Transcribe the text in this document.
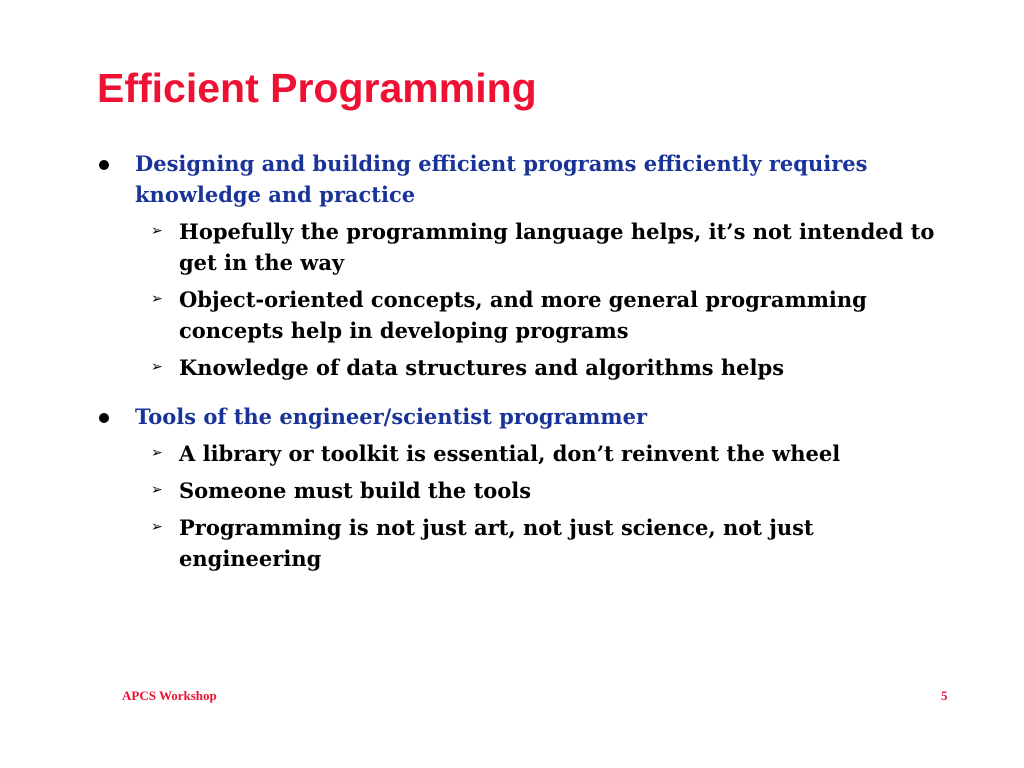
Efficient Programming
Designing and building efficient programs efficiently requires knowledge and practice
➢ Hopefully the programming language helps, it’s not intended to get in the way
➢ Object-oriented concepts, and more general programming concepts help in developing programs
➢ Knowledge of data structures and algorithms helps
Tools of the engineer/scientist programmer
➢ A library or toolkit is essential, don’t reinvent the wheel
➢ Someone must build the tools
➢ Programming is not just art, not just science, not just engineering
APCS Workshop	5
